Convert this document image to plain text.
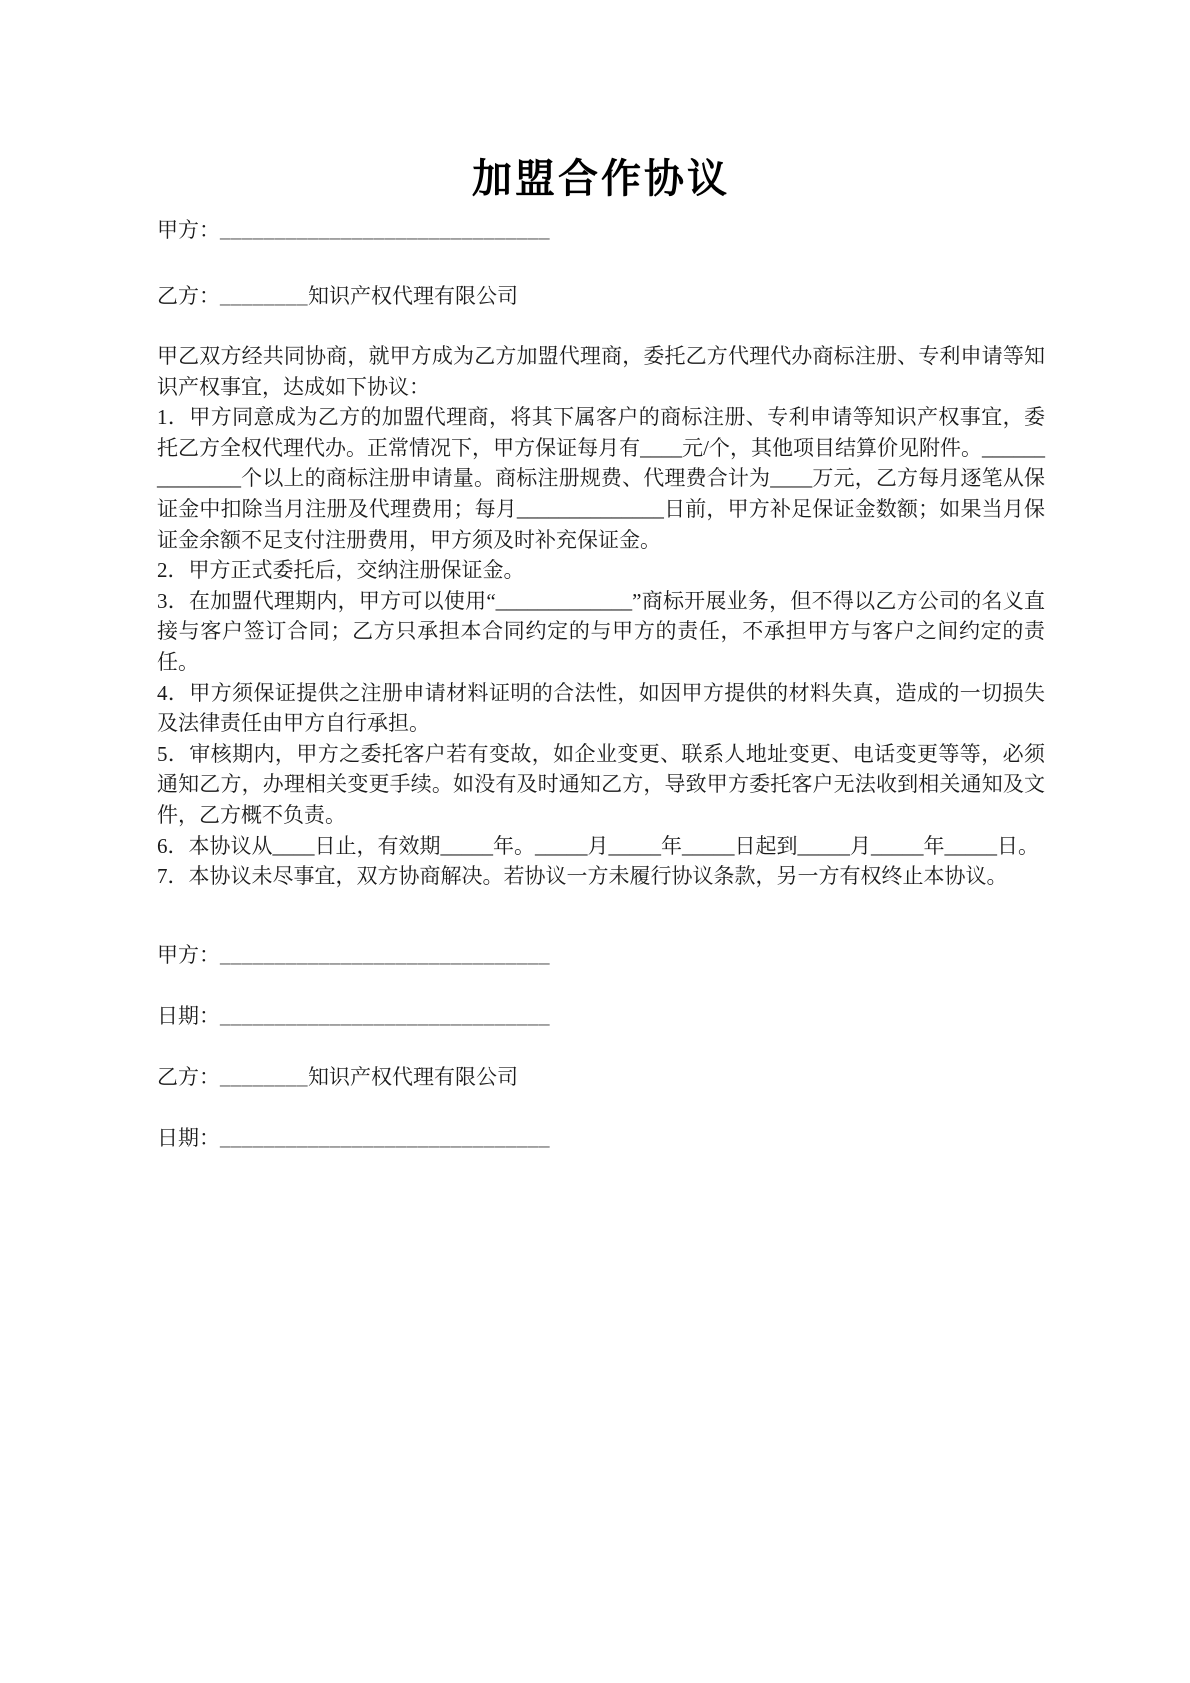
加盟合作协议
甲方：______________________________
乙方：________知识产权代理有限公司

甲乙双方经共同协商，就甲方成为乙方加盟代理商，委托乙方代理代办商标注册、专利申请等知识产权事宜，达成如下协议：

1．甲方同意成为乙方的加盟代理商，将其下属客户的商标注册、专利申请等知识产权事宜，委托乙方全权代理代办。正常情况下，甲方保证每月有____元/个，其他项目结算价见附件。______________个以上的商标注册申请量。商标注册规费、代理费合计为____万元，乙方每月逐笔从保证金中扣除当月注册及代理费用；每月______________日前，甲方补足保证金数额；如果当月保证金余额不足支付注册费用，甲方须及时补充保证金。

2．甲方正式委托后，交纳注册保证金。

3．在加盟代理期内，甲方可以使用“_____________”商标开展业务，但不得以乙方公司的名义直接与客户签订合同；乙方只承担本合同约定的与甲方的责任，不承担甲方与客户之间约定的责任。

4．甲方须保证提供之注册申请材料证明的合法性，如因甲方提供的材料失真，造成的一切损失及法律责任由甲方自行承担。

5．审核期内，甲方之委托客户若有变故，如企业变更、联系人地址变更、电话变更等等，必须通知乙方，办理相关变更手续。如没有及时通知乙方，导致甲方委托客户无法收到相关通知及文件，乙方概不负责。

6．本协议从____日止，有效期_____年。_____月_____年_____日起到_____月_____年_____日。

7．本协议未尽事宜，双方协商解决。若协议一方未履行协议条款，另一方有权终止本协议。

甲方：______________________________
日期：______________________________
乙方：________知识产权代理有限公司
日期：______________________________
